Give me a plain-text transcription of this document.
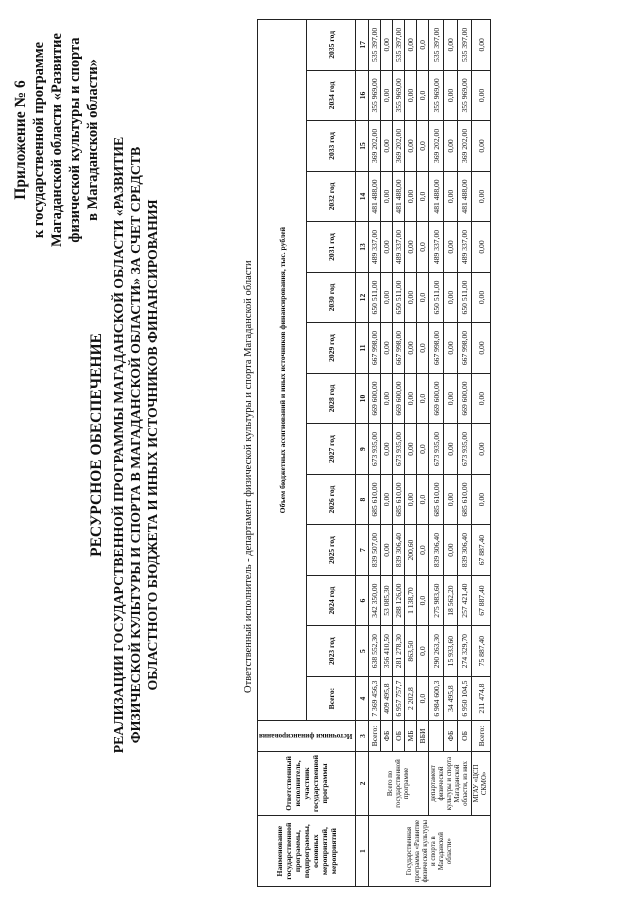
Приложение № 6 к государственной программе Магаданской области «Развитие физической культуры и спорта в Магаданской области»
РЕСУРСНОЕ ОБЕСПЕЧЕНИЕ РЕАЛИЗАЦИИ ГОСУДАРСТВЕННОЙ ПРОГРАММЫ МАГАДАНСКОЙ ОБЛАСТИ «РАЗВИТИЕ ФИЗИЧЕСКОЙ КУЛЬТУРЫ И СПОРТА В МАГАДАНСКОЙ ОБЛАСТИ» ЗА СЧЕТ СРЕДСТВ ОБЛАСТНОГО БЮДЖЕТА И ИНЫХ ИСТОЧНИКОВ ФИНАНСИРОВАНИЯ	Ответственный исполнитель - департамент физической культуры и спорта Магаданской области
Наименование государственной программы, подпрограммы, основных мероприятий, мероприятий	Ответственный исполнитель, участник государственной программы	Источники финансирования	Объем бюджетных ассигнований и иных источников финансирования, тыс. рублей													
			Всего:	2023 год	2024 год	2025 год	2026 год	2027 год	2028 год	2029 год	2030 год	2031 год	2032 год	2033 год	2034 год	2035 год
1	2	3	4	5	6	7	8	9	10	11	12	13	14	15	16	17
Государственная программа «Развитие физической культуры и спорта в Магаданской области»	Всего по государственной программе	Всего:	7 369 456,3	638 552,30	342 350,00	839 507,00	685 610,00	673 935,00	669 600,00	667 998,00	650 511,00	489 337,00	481 488,00	369 202,00	355 969,00	535 397,00
		ФБ	409 495,8	356 410,50	53 085,30	0,00	0,00	0,00	0,00	0,00	0,00	0,00	0,00	0,00	0,00	0,00
		ОБ	6 957 757,7	281 278,30	288 126,00	839 306,40	685 610,00	673 935,00	669 600,00	667 998,00	650 511,00	489 337,00	481 488,00	369 202,00	355 969,00	535 397,00
		МБ	2 202,8	863,50	1 138,70	200,60	0,00	0,00	0,00	0,00	0,00	0,00	0,00	0,00	0,00	0,00
		ВБИ	0,0	0,0	0,0	0,0	0,0	0,0	0,0	0,0	0,0	0,0	0,0	0,0	0,0	0,0
	департамент физической культуры и спорта Магаданской области, из них		6 984 600,3	290 263,30	275 983,60	839 306,40	685 610,00	673 935,00	669 600,00	667 998,00	650 511,00	489 337,00	481 488,00	369 202,00	355 969,00	535 397,00
		ФБ	34 495,8	15 933,60	18 562,20	0,00	0,00	0,00	0,00	0,00	0,00	0,00	0,00	0,00	0,00	0,00
		ОБ	6 950 104,5	274 329,70	257 421,40	839 306,40	685 610,00	673 935,00	669 600,00	667 998,00	650 511,00	489 337,00	481 488,00	369 202,00	355 969,00	535 397,00
	МГАУ «ЦСП СКМО»	Всего:	211 474,8	75 887,40	67 887,40	67 887,40	0,00	0,00	0,00	0,00	0,00	0,00	0,00	0,00	0,00	0,00
